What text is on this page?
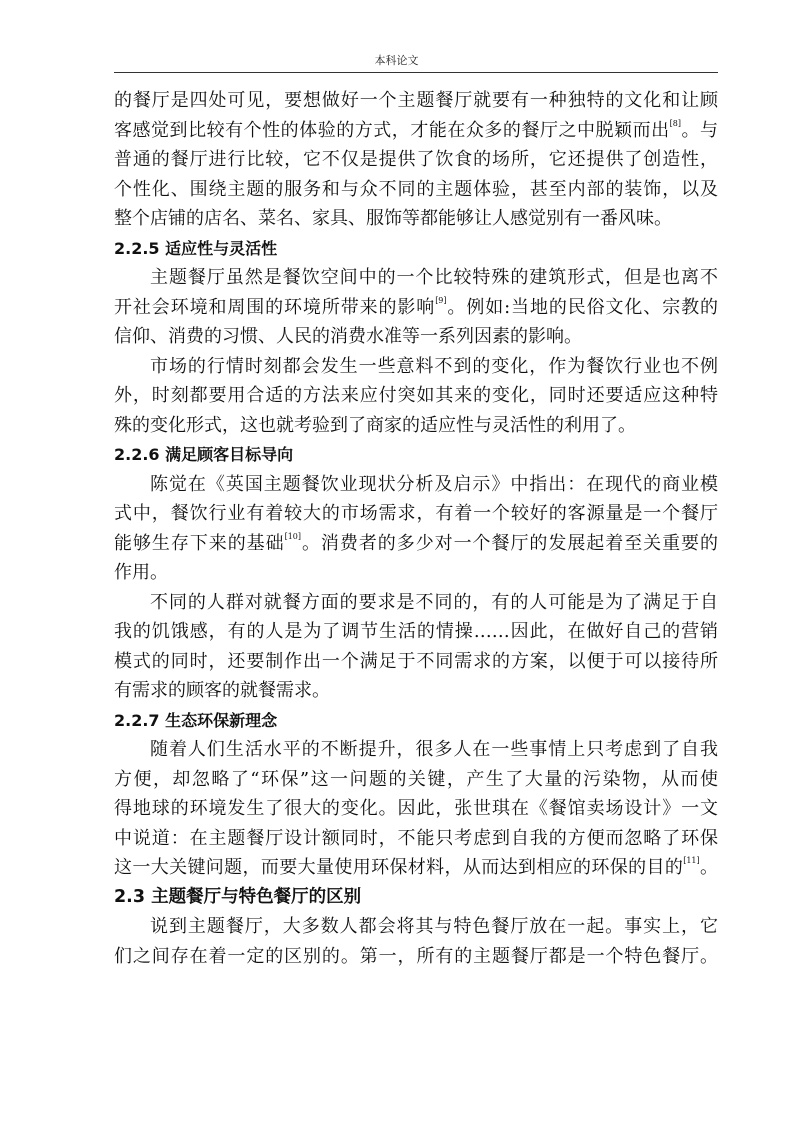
本科论文
的餐厅是四处可见，要想做好一个主题餐厅就要有一种独特的文化和让顾
客感觉到比较有个性的体验的方式，才能在众多的餐厅之中脱颖而出[8]。与
普通的餐厅进行比较，它不仅是提供了饮食的场所，它还提供了创造性，
个性化、围绕主题的服务和与众不同的主题体验，甚至内部的装饰，以及
整个店铺的店名、菜名、家具、服饰等都能够让人感觉别有一番风味。
2.2.5 适应性与灵活性
主题餐厅虽然是餐饮空间中的一个比较特殊的建筑形式，但是也离不
开社会环境和周围的环境所带来的影响[9]。例如:当地的民俗文化、宗教的
信仰、消费的习惯、人民的消费水准等一系列因素的影响。
市场的行情时刻都会发生一些意料不到的变化，作为餐饮行业也不例
外，时刻都要用合适的方法来应付突如其来的变化，同时还要适应这种特
殊的变化形式，这也就考验到了商家的适应性与灵活性的利用了。
2.2.6 满足顾客目标导向
陈觉在《英国主题餐饮业现状分析及启示》中指出：在现代的商业模
式中，餐饮行业有着较大的市场需求，有着一个较好的客源量是一个餐厅
能够生存下来的基础[10]。消费者的多少对一个餐厅的发展起着至关重要的
作用。
不同的人群对就餐方面的要求是不同的，有的人可能是为了满足于自
我的饥饿感，有的人是为了调节生活的情操……因此，在做好自己的营销
模式的同时，还要制作出一个满足于不同需求的方案，以便于可以接待所
有需求的顾客的就餐需求。
2.2.7 生态环保新理念
随着人们生活水平的不断提升，很多人在一些事情上只考虑到了自我
方便，却忽略了“环保”这一问题的关键，产生了大量的污染物，从而使
得地球的环境发生了很大的变化。因此，张世琪在《餐馆卖场设计》一文
中说道：在主题餐厅设计额同时，不能只考虑到自我的方便而忽略了环保
这一大关键问题，而要大量使用环保材料，从而达到相应的环保的目的[11]。
2.3 主题餐厅与特色餐厅的区别
说到主题餐厅，大多数人都会将其与特色餐厅放在一起。事实上，它
们之间存在着一定的区别的。第一，所有的主题餐厅都是一个特色餐厅。
